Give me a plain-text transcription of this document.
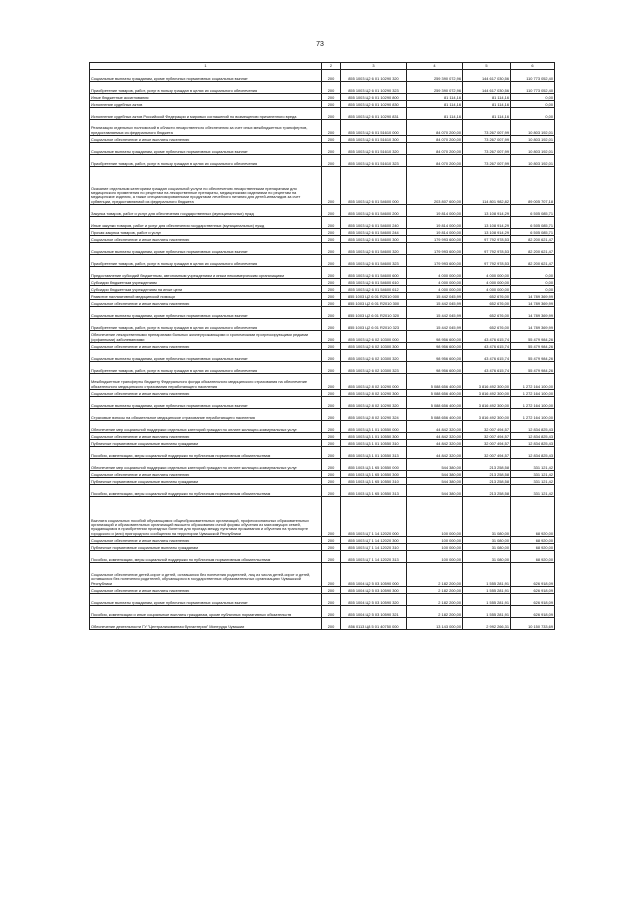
73
1	2	3	4	5	6
Социальные выплаты гражданам, кроме публичных нормативных социальных выплат	200	855 1003 Ц2 6 01 10290 320	259 390 072,96	144 617 030,56	110 773 052,40
Приобретение товаров, работ, услуг в пользу граждан в целях их социального обеспечения	200	855 1003 Ц2 6 01 10290 323	259 390 072,96	144 617 030,56	110 773 052,40
Иные бюджетные ассигнования	200	855 1003 Ц2 6 01 10290 800	81 114,16	81 114,16	0,00
Исполнение судебных актов	200	855 1003 Ц2 6 01 10290 830	81 114,16	81 114,16	0,00
Исполнение судебных актов Российской Федерации и мировых соглашений по возмещению причиненного вреда	200	855 1003 Ц2 6 01 10290 831	81 114,16	81 114,16	0,00
Реализация отдельных полномочий в области лекарственного обеспечения за счет иных межбюджетных трансфертов, предоставляемых из федерального бюджета	200	855 1003 Ц2 6 01 51610 000	84 070 200,00	73 267 007,99	10 803 192,01
Социальное обеспечение и иные выплаты населению	200	855 1003 Ц2 6 01 51610 300	84 070 200,00	73 267 007,99	10 803 192,01
Социальные выплаты гражданам, кроме публичных нормативных социальных выплат	200	855 1003 Ц2 6 01 51610 320	84 070 200,00	73 267 007,99	10 803 192,01
Приобретение товаров, работ, услуг в пользу граждан в целях их социального обеспечения	200	855 1003 Ц2 6 01 51610 323	84 070 200,00	73 267 007,99	10 803 192,01
Оказание отдельным категориям граждан социальной услуги по обеспечению лекарственными препаратами для медицинского применения по рецептам на лекарственные препараты, медицинскими изделиями по рецептам на медицинские изделия, а также специализированными продуктами лечебного питания для детей-инвалидов за счет субвенции, предоставляемой из федерального бюджета	200	855 1003 Ц2 6 01 54600 000	203 807 600,00	114 801 982,82	89 005 707,18
Закупка товаров, работ и услуг для обеспечения государственных (муниципальных) нужд	200	855 1003 Ц2 6 01 54600 200	19 814 000,00	13 108 914,29	6 505 085,71
Иные закупки товаров, работ и услуг для обеспечения государственных (муниципальных) нужд	200	855 1003 Ц2 6 01 54600 240	19 814 000,00	13 108 914,29	6 505 085,71
Прочая закупка товаров, работ и услуг	200	855 1003 Ц2 6 01 54600 244	19 814 000,00	13 108 914,29	6 505 085,71
Социальное обеспечение и иные выплаты населению	200	855 1003 Ц2 6 01 54600 300	179 993 600,00	97 792 978,53	82 200 621,47
Социальные выплаты гражданам, кроме публичных нормативных социальных выплат	200	855 1003 Ц2 6 01 54600 320	179 993 600,00	97 792 978,53	82 200 621,47
Приобретение товаров, работ, услуг в пользу граждан в целях их социального обеспечения	200	855 1003 Ц2 6 01 54600 323	179 993 600,00	97 792 978,53	82 200 621,47
Предоставление субсидий бюджетным, автономным учреждениям и иным некоммерческим организациям	200	855 1003 Ц2 6 01 54600 600	4 000 000,00	4 000 000,00	0,00
Субсидии бюджетным учреждениям	200	855 1003 Ц2 6 01 54600 610	4 000 000,00	4 000 000,00	0,00
Субсидии бюджетным учреждениям на иные цели	200	855 1003 Ц2 6 01 54600 612	4 000 000,00	4 000 000,00	0,00
Развитие паллиативной медицинской помощи	200	855 1003 Ц2 6 01 R2010 000	15 442 045,99	652 676,00	14 789 369,99
Социальное обеспечение и иные выплаты населению	200	855 1003 Ц2 6 01 R2010 300	15 442 045,99	652 676,00	14 789 369,99
Социальные выплаты гражданам, кроме публичных нормативных социальных выплат	200	855 1003 Ц2 6 01 R2010 320	15 442 045,99	652 676,00	14 789 369,99
Приобретение товаров, работ, услуг в пользу граждан в целях их социального обеспечения	200	855 1003 Ц2 6 01 R2010 323	15 442 045,99	652 676,00	14 789 369,99
Обеспечение лекарственными препаратами больных жизнеугрожающими и хроническими прогрессирующими редкими (орфанными) заболеваниями	200	855 1003 Ц2 6 02 10300 000	98 956 600,00	43 476 615,74	55 479 984,26
Социальное обеспечение и иные выплаты населению	200	855 1003 Ц2 6 02 10300 300	98 956 600,00	43 476 615,74	55 479 984,26
Социальные выплаты гражданам, кроме публичных нормативных социальных выплат	200	855 1003 Ц2 6 02 10300 320	98 956 600,00	43 476 615,74	55 479 984,26
Приобретение товаров, работ, услуг в пользу граждан в целях их социального обеспечения	200	855 1003 Ц2 6 02 10300 323	98 956 600,00	43 476 615,74	55 479 984,26
Межбюджетные трансферты бюджету Федерального фонда обязательного медицинского страхования на обеспечение обязательного медицинского страхования неработающего населения	200	855 1003 Ц2 8 02 10290 000	5 088 656 400,00	3 816 492 300,00	1 272 164 100,00
Социальное обеспечение и иные выплаты населению	200	855 1003 Ц2 8 02 10290 300	5 088 656 400,00	3 816 492 300,00	1 272 164 100,00
Социальные выплаты гражданам, кроме публичных нормативных социальных выплат	200	855 1003 Ц2 8 02 10290 320	5 088 656 400,00	3 816 492 300,00	1 272 164 100,00
Страховые взносы на обязательное медицинское страхование неработающего населения	200	855 1003 Ц2 8 02 10290 324	5 088 656 400,00	3 816 492 300,00	1 272 164 100,00
Обеспечение мер социальной поддержки отдельных категорий граждан по оплате жилищно-коммунальных услуг	200	855 1003 Ц3 1 01 10550 000	44 842 320,00	32 007 494,57	12 834 825,43
Социальное обеспечение и иные выплаты населению	200	855 1003 Ц3 1 01 10550 300	44 842 320,00	32 007 494,57	12 834 825,43
Публичные нормативные социальные выплаты гражданам	200	855 1003 Ц3 1 01 10550 310	44 842 320,00	32 007 494,57	12 834 825,43
Пособия, компенсации, меры социальной поддержки по публичным нормативным обязательствам	200	855 1003 Ц3 1 01 10550 313	44 842 320,00	32 007 494,57	12 834 825,43
Обеспечение мер социальной поддержки отдельных категорий граждан по оплате жилищно-коммунальных услуг	200	855 1003 Ц3 1 К5 10550 000	544 380,00	213 258,58	331 121,42
Социальное обеспечение и иные выплаты населению	200	855 1003 Ц3 1 К5 10550 300	544 380,00	213 258,58	331 121,42
Публичные нормативные социальные выплаты гражданам	200	855 1003 Ц3 1 К5 10550 310	544 380,00	213 258,58	331 121,42
Пособия, компенсации, меры социальной поддержки по публичным нормативным обязательствам	200	855 1003 Ц3 1 К5 10550 313	544 380,00	213 258,58	331 121,42
Выплата социальных пособий обучающимся общеобразовательных организаций, профессиональных образовательных организаций и образовательных организаций высшего образования очной формы обучения из малоимущих семей, нуждающимся в приобретении проездных билетов для проезда между пунктами проживания и обучения на транспорте городского и (или) пригородного сообщения на территории Чувашской Республики	200	855 1003 Ц7 1 14 12020 000	100 000,00	31 080,00	68 920,00
Социальное обеспечение и иные выплаты населению	200	855 1003 Ц7 1 14 12020 300	100 000,00	31 080,00	68 920,00
Публичные нормативные социальные выплаты гражданам	200	855 1003 Ц7 1 14 12020 310	100 000,00	31 080,00	68 920,00
Пособия, компенсации, меры социальной поддержки по публичным нормативным обязательствам	200	855 1003 Ц7 1 14 12020 313	100 000,00	31 080,00	68 920,00
Социальное обеспечение детей-сирот и детей, оставшихся без попечения родителей, лиц из числа детей-сирот и детей, оставшихся без попечения родителей, обучающихся в государственных образовательных организациях Чувашской Республики	200	855 1004 Ц2 5 03 10590 000	2 182 200,00	1 555 281,91	626 918,09
Социальное обеспечение и иные выплаты населению	200	855 1004 Ц2 5 03 10590 300	2 182 200,00	1 555 281,91	626 918,09
Социальные выплаты гражданам, кроме публичных нормативных социальных выплат	200	855 1004 Ц2 5 03 10590 320	2 182 200,00	1 555 281,91	626 918,09
Пособия, компенсации и иные социальные выплаты гражданам, кроме публичных нормативных обязательств	200	855 1004 Ц2 5 03 10590 321	2 182 200,00	1 555 281,91	626 918,09
Обеспечение деятельности ГУ "Централизованная бухгалтерия" Минтруда Чувашии	200	856 0113 Ц8 5 01 40750 000	13 143 000,00	2 992 266,31	10 150 733,69
